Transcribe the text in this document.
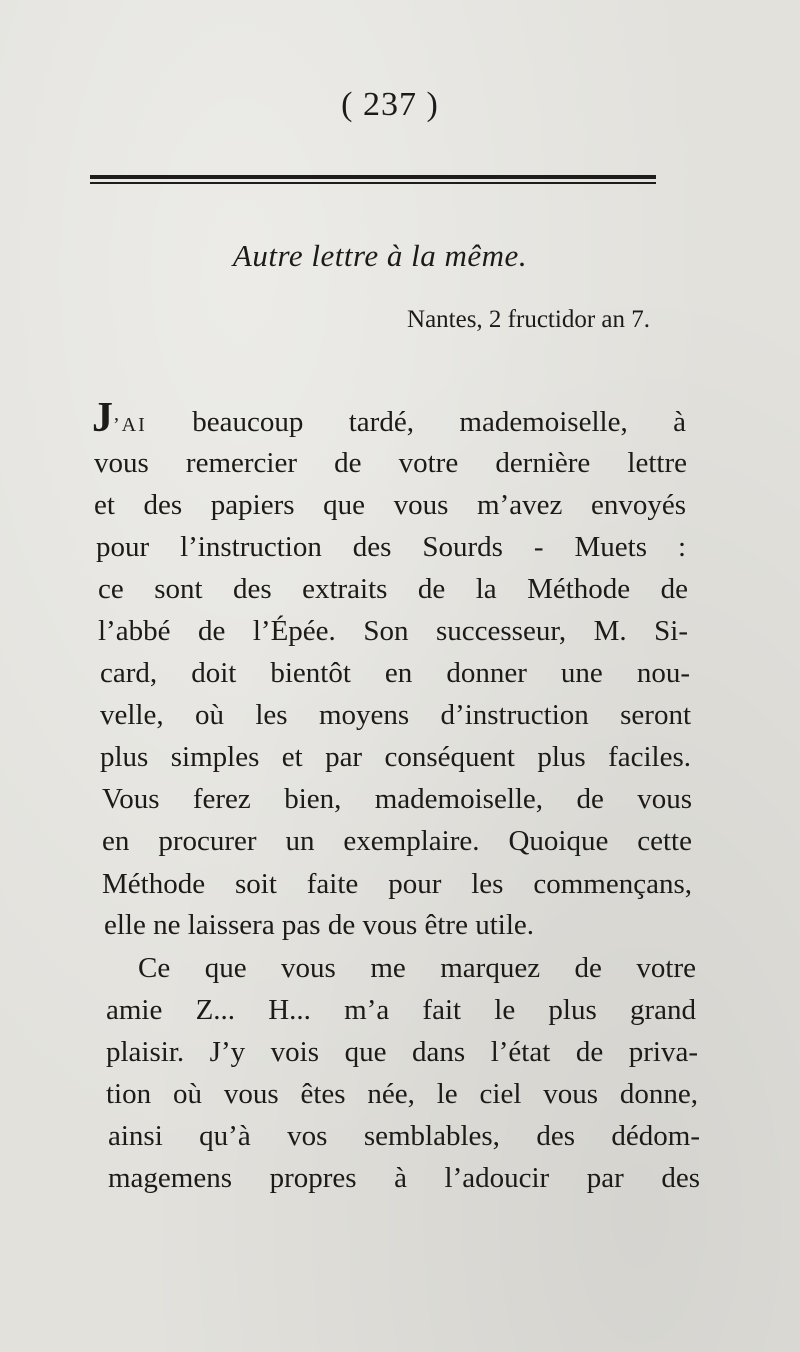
( 237 )
Autre lettre à la même.
Nantes, 2 fructidor an 7.
J’AI beaucoup tardé, mademoiselle, à
vous remercier de votre dernière lettre
et des papiers que vous m’avez envoyés
pour l’instruction des Sourds - Muets :
ce sont des extraits de la Méthode de
l’abbé de l’Épée. Son successeur, M. Si-
card, doit bientôt en donner une nou-
velle, où les moyens d’instruction seront
plus simples et par conséquent plus faciles.
Vous ferez bien, mademoiselle, de vous
en procurer un exemplaire. Quoique cette
Méthode soit faite pour les commençans,
elle ne laissera pas de vous être utile.
Ce que vous me marquez de votre
amie Z... H... m’a fait le plus grand
plaisir. J’y vois que dans l’état de priva-
tion où vous êtes née, le ciel vous donne,
ainsi qu’à vos semblables, des dédom-
magemens propres à l’adoucir par des
